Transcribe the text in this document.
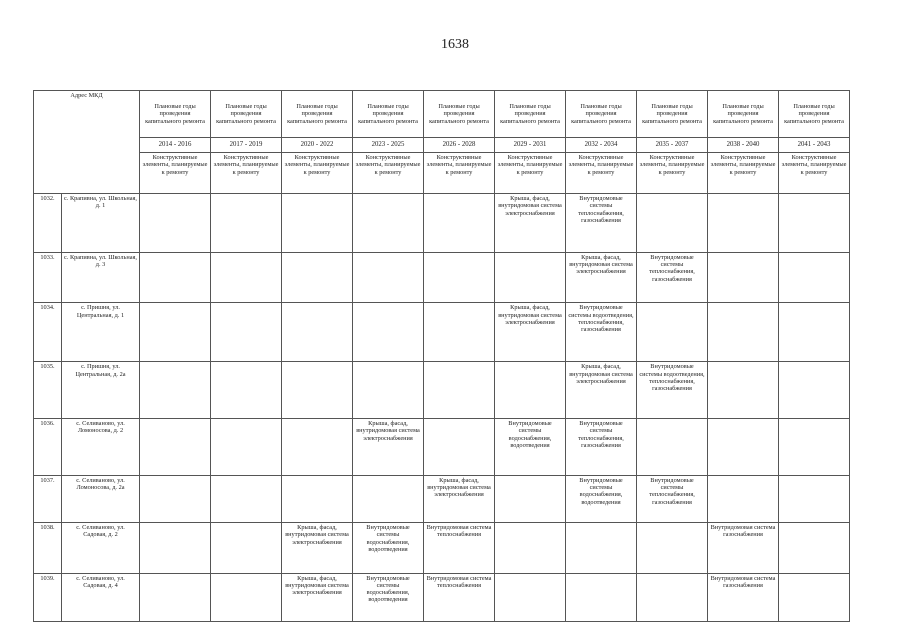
1638
Адрес МКД		Плановые годы проведения капитального ремонта	Плановые годы проведения капитального ремонта	Плановые годы проведения капитального ремонта	Плановые годы проведения капитального ремонта	Плановые годы проведения капитального ремонта	Плановые годы проведения капитального ремонта	Плановые годы проведения капитального ремонта	Плановые годы проведения капитального ремонта	Плановые годы проведения капитального ремонта	Плановые годы проведения капитального ремонта
		2014 - 2016	2017 - 2019	2020 - 2022	2023 - 2025	2026 - 2028	2029 - 2031	2032 - 2034	2035 - 2037	2038 - 2040	2041 - 2043
		Конструктивные элементы, планируемые к ремонту	Конструктивные элементы, планируемые к ремонту	Конструктивные элементы, планируемые к ремонту	Конструктивные элементы, планируемые к ремонту	Конструктивные элементы, планируемые к ремонту	Конструктивные элементы, планируемые к ремонту	Конструктивные элементы, планируемые к ремонту	Конструктивные элементы, планируемые к ремонту	Конструктивные элементы, планируемые к ремонту	Конструктивные элементы, планируемые к ремонту
1032.	с. Крапивна, ул. Школьная, д. 1						Крыша, фасад, внутридомовая система электроснабжения	Внутридомовые системы теплоснабжения, газоснабжения			
1033.	с. Крапивна, ул. Школьная, д. 3							Крыша, фасад, внутридомовая система электроснабжения	Внутридомовые системы теплоснабжения, газоснабжения		
1034.	с. Пришня, ул. Центральная, д. 1						Крыша, фасад, внутридомовая система электроснабжения	Внутридомовые системы водоотведения, теплоснабжения, газоснабжения			
1035.	с. Пришня, ул. Центральная, д. 2а							Крыша, фасад, внутридомовая система электроснабжения	Внутридомовые системы водоотведения, теплоснабжения, газоснабжения		
1036.	с. Селиваново, ул. Ломоносова, д. 2				Крыша, фасад, внутридомовая система электроснабжения		Внутридомовые системы водоснабжения, водоотведения	Внутридомовые системы теплоснабжения, газоснабжения			
1037.	с. Селиваново, ул. Ломоносова, д. 2а					Крыша, фасад, внутридомовая система электроснабжения		Внутридомовые системы водоснабжения, водоотведения	Внутридомовые системы теплоснабжения, газоснабжения		
1038.	с. Селиваново, ул. Садовая, д. 2			Крыша, фасад, внутридомовая система электроснабжения	Внутридомовые системы водоснабжения, водоотведения	Внутридомовая система теплоснабжения				Внутридомовая система газоснабжения	
1039.	с. Селиваново, ул. Садовая, д. 4			Крыша, фасад, внутридомовая система электроснабжения	Внутридомовые системы водоснабжения, водоотведения	Внутридомовая система теплоснабжения				Внутридомовая система газоснабжения	
